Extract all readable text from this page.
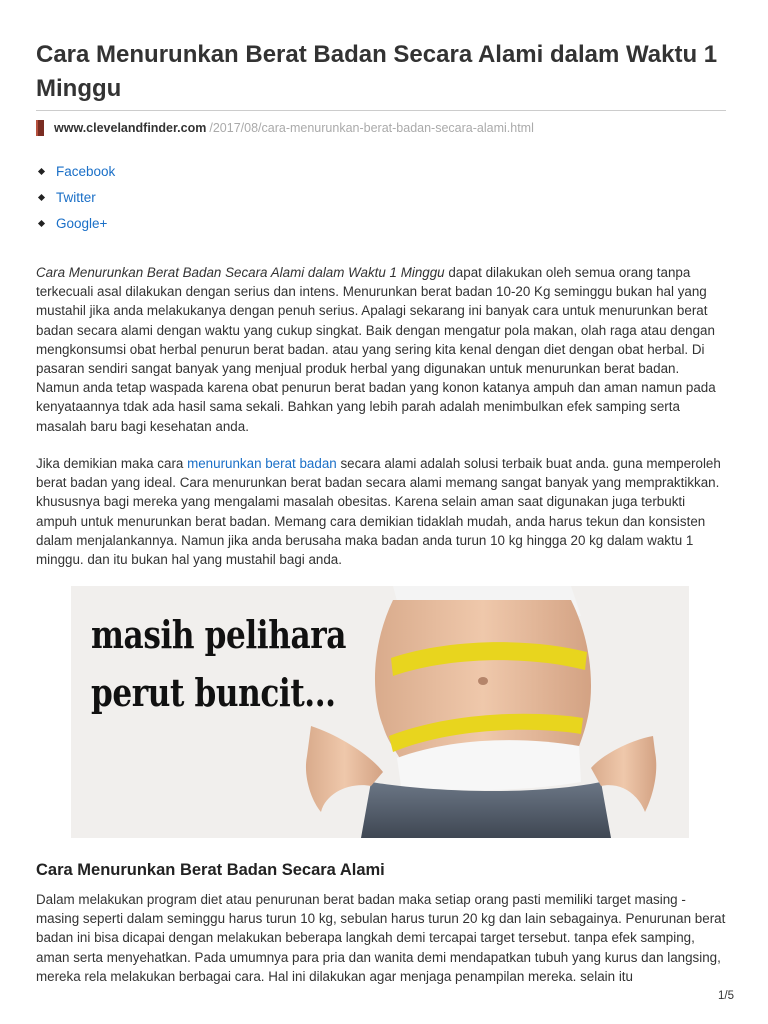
Cara Menurunkan Berat Badan Secara Alami dalam Waktu 1 Minggu
www.clevelandfinder.com /2017/08/cara-menurunkan-berat-badan-secara-alami.html
Facebook
Twitter
Google+

Cara Menurunkan Berat Badan Secara Alami dalam Waktu 1 Minggu dapat dilakukan oleh semua orang tanpa terkecuali asal dilakukan dengan serius dan intens. Menurunkan berat badan 10-20 Kg seminggu bukan hal yang mustahil jika anda melakukanya dengan penuh serius. Apalagi sekarang ini banyak cara untuk menurunkan berat badan secara alami dengan waktu yang cukup singkat. Baik dengan mengatur pola makan, olah raga atau dengan mengkonsumsi obat herbal penurun berat badan. atau yang sering kita kenal dengan diet dengan obat herbal. Di pasaran sendiri sangat banyak yang menjual produk herbal yang digunakan untuk menurunkan berat badan. Namun anda tetap waspada karena obat penurun berat badan yang konon katanya ampuh dan aman namun pada kenyataannya tdak ada hasil sama sekali. Bahkan yang lebih parah adalah menimbulkan efek samping serta masalah baru bagi kesehatan anda.

Jika demikian maka cara menurunkan berat badan secara alami adalah solusi terbaik buat anda. guna memperoleh berat badan yang ideal. Cara menurunkan berat badan secara alami memang sangat banyak yang mempraktikkan. khususnya bagi mereka yang mengalami masalah obesitas. Karena selain aman saat digunakan juga terbukti ampuh untuk menurunkan berat badan. Memang cara demikian tidaklah mudah, anda harus tekun dan konsisten dalam menjalankannya. Namun jika anda berusaha maka badan anda turun 10 kg hingga 20 kg dalam waktu 1 minggu. dan itu bukan hal yang mustahil bagi anda.

masih pelihara
perut buncit...
Cara Menurunkan Berat Badan Secara Alami

Dalam melakukan program diet atau penurunan berat badan maka setiap orang pasti memiliki target masing - masing seperti dalam seminggu harus turun 10 kg, sebulan harus turun 20 kg dan lain sebagainya. Penurunan berat badan ini bisa dicapai dengan melakukan beberapa langkah demi tercapai target tersebut. tanpa efek samping, aman serta menyehatkan. Pada umumnya para pria dan wanita demi mendapatkan tubuh yang kurus dan langsing, mereka rela melakukan berbagai cara. Hal ini dilakukan agar menjaga penampilan mereka. selain itu

1/5
